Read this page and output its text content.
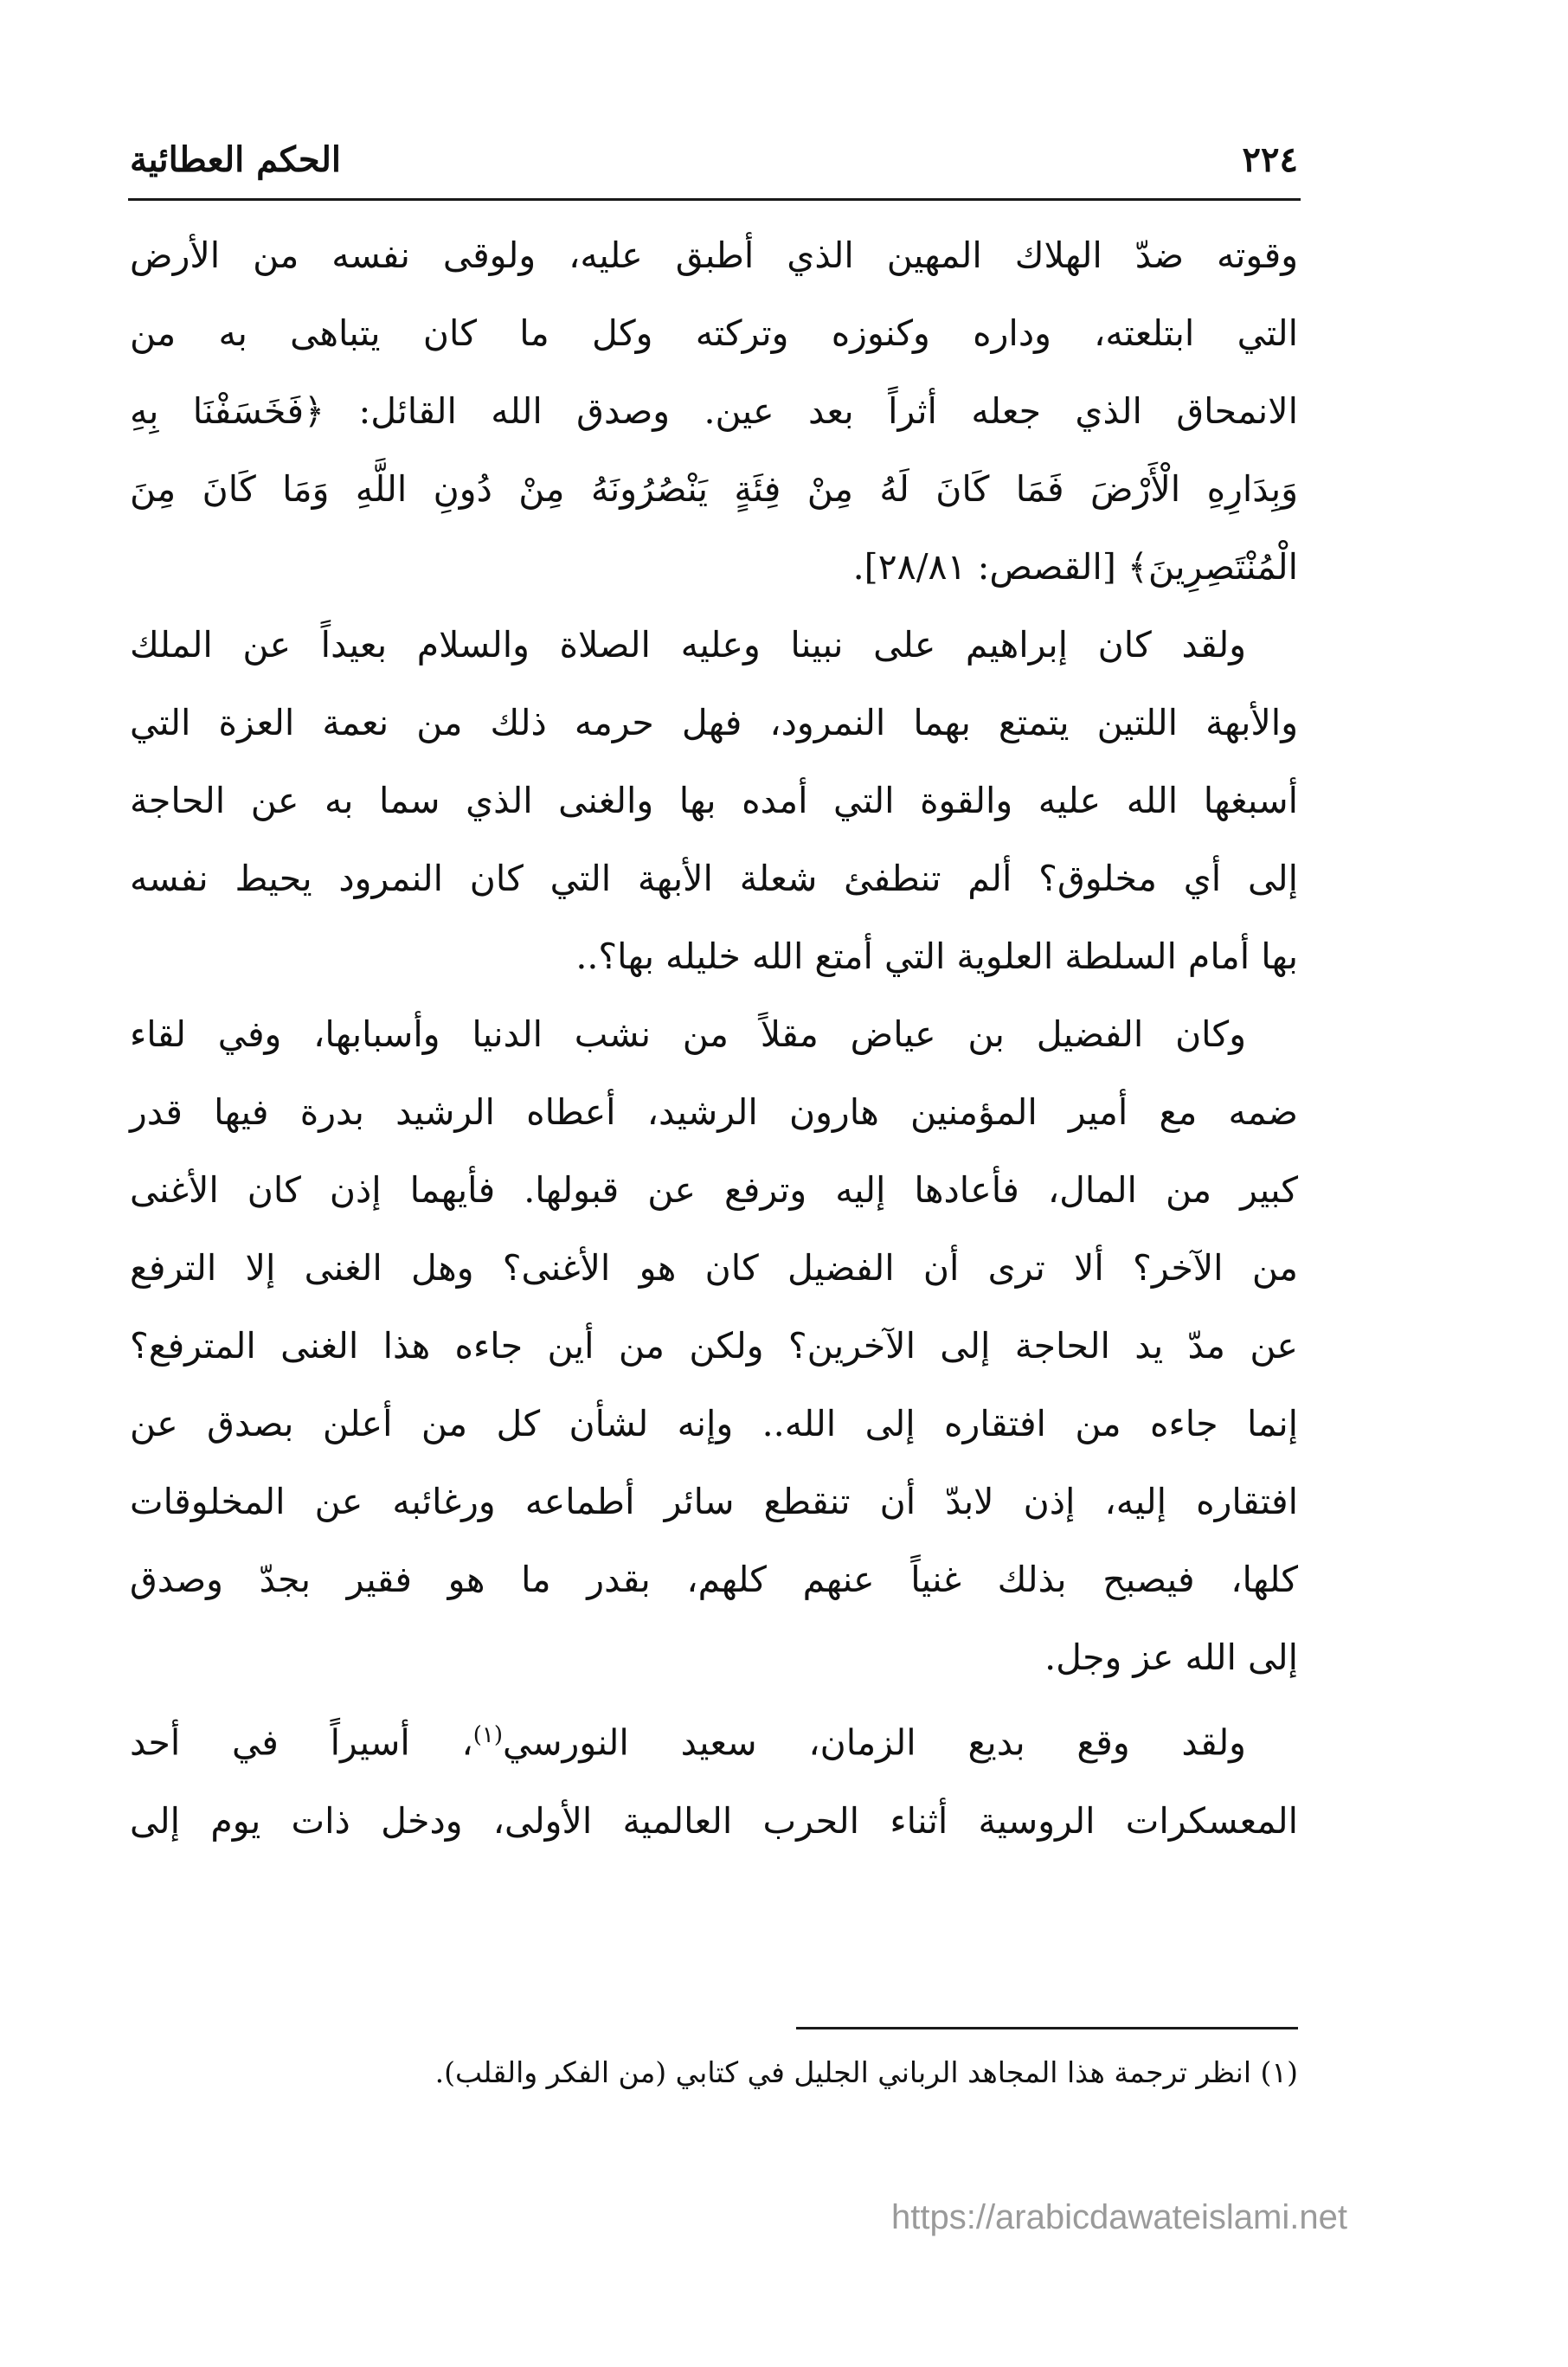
٢٢٤
الحكم العطائية

وقوته ضدّ الهلاك المهين الذي أطبق عليه، ولوقى نفسه من الأرض
التي ابتلعته، وداره وكنوزه وتركته وكل ما كان يتباهى به من
الانمحاق الذي جعله أثراً بعد عين. وصدق الله القائل: ﴿فَخَسَفْنَا بِهِ
وَبِدَارِهِ الْأَرْضَ فَمَا كَانَ لَهُ مِنْ فِئَةٍ يَنْصُرُونَهُ مِنْ دُونِ اللَّهِ وَمَا كَانَ مِنَ
الْمُنْتَصِرِينَ﴾ [القصص: ٢٨/٨١].

ولقد كان إبراهيم على نبينا وعليه الصلاة والسلام بعيداً عن الملك
والأبهة اللتين يتمتع بهما النمرود، فهل حرمه ذلك من نعمة العزة التي
أسبغها الله عليه والقوة التي أمده بها والغنى الذي سما به عن الحاجة
إلى أي مخلوق؟ ألم تنطفئ شعلة الأبهة التي كان النمرود يحيط نفسه
بها أمام السلطة العلوية التي أمتع الله خليله بها؟..

وكان الفضيل بن عياض مقلاً من نشب الدنيا وأسبابها، وفي لقاء
ضمه مع أمير المؤمنين هارون الرشيد، أعطاه الرشيد بدرة فيها قدر
كبير من المال، فأعادها إليه وترفع عن قبولها. فأيهما إذن كان الأغنى
من الآخر؟ ألا ترى أن الفضيل كان هو الأغنى؟ وهل الغنى إلا الترفع
عن مدّ يد الحاجة إلى الآخرين؟ ولكن من أين جاءه هذا الغنى المترفع؟
إنما جاءه من افتقاره إلى الله.. وإنه لشأن كل من أعلن بصدق عن
افتقاره إليه، إذن لابدّ أن تنقطع سائر أطماعه ورغائبه عن المخلوقات
كلها، فيصبح بذلك غنياً عنهم كلهم، بقدر ما هو فقير بجدّ وصدق
إلى الله عز وجل.

ولقد وقع بديع الزمان، سعيد النورسي$^{(١)}$، أسيراً في أحد
المعسكرات الروسية أثناء الحرب العالمية الأولى، ودخل ذات يوم إلى

(١) انظر ترجمة هذا المجاهد الرباني الجليل في كتابي (من الفكر والقلب).
https://arabicdawateislami.net
